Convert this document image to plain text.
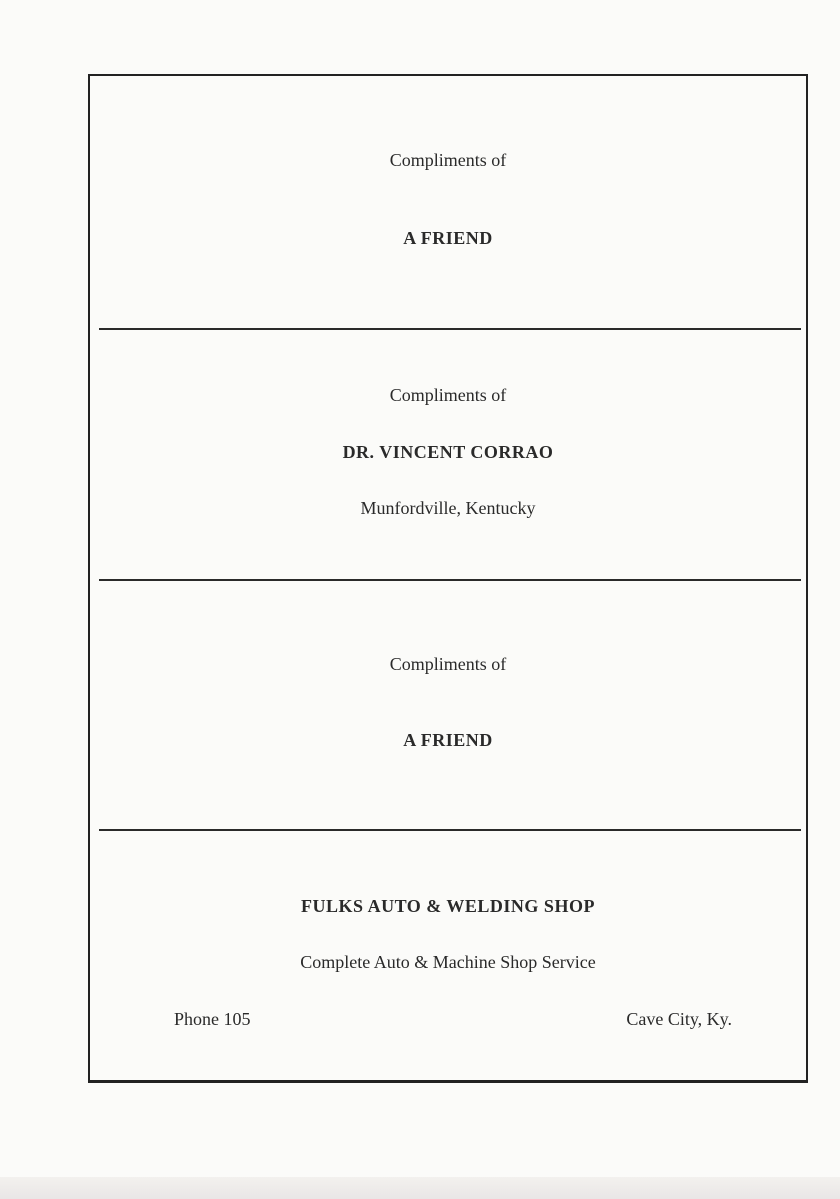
Compliments of
A FRIEND
Compliments of
DR. VINCENT CORRAO
Munfordville, Kentucky
Compliments of
A FRIEND
FULKS AUTO & WELDING SHOP
Complete Auto & Machine Shop Service
Phone 105	Cave City, Ky.
